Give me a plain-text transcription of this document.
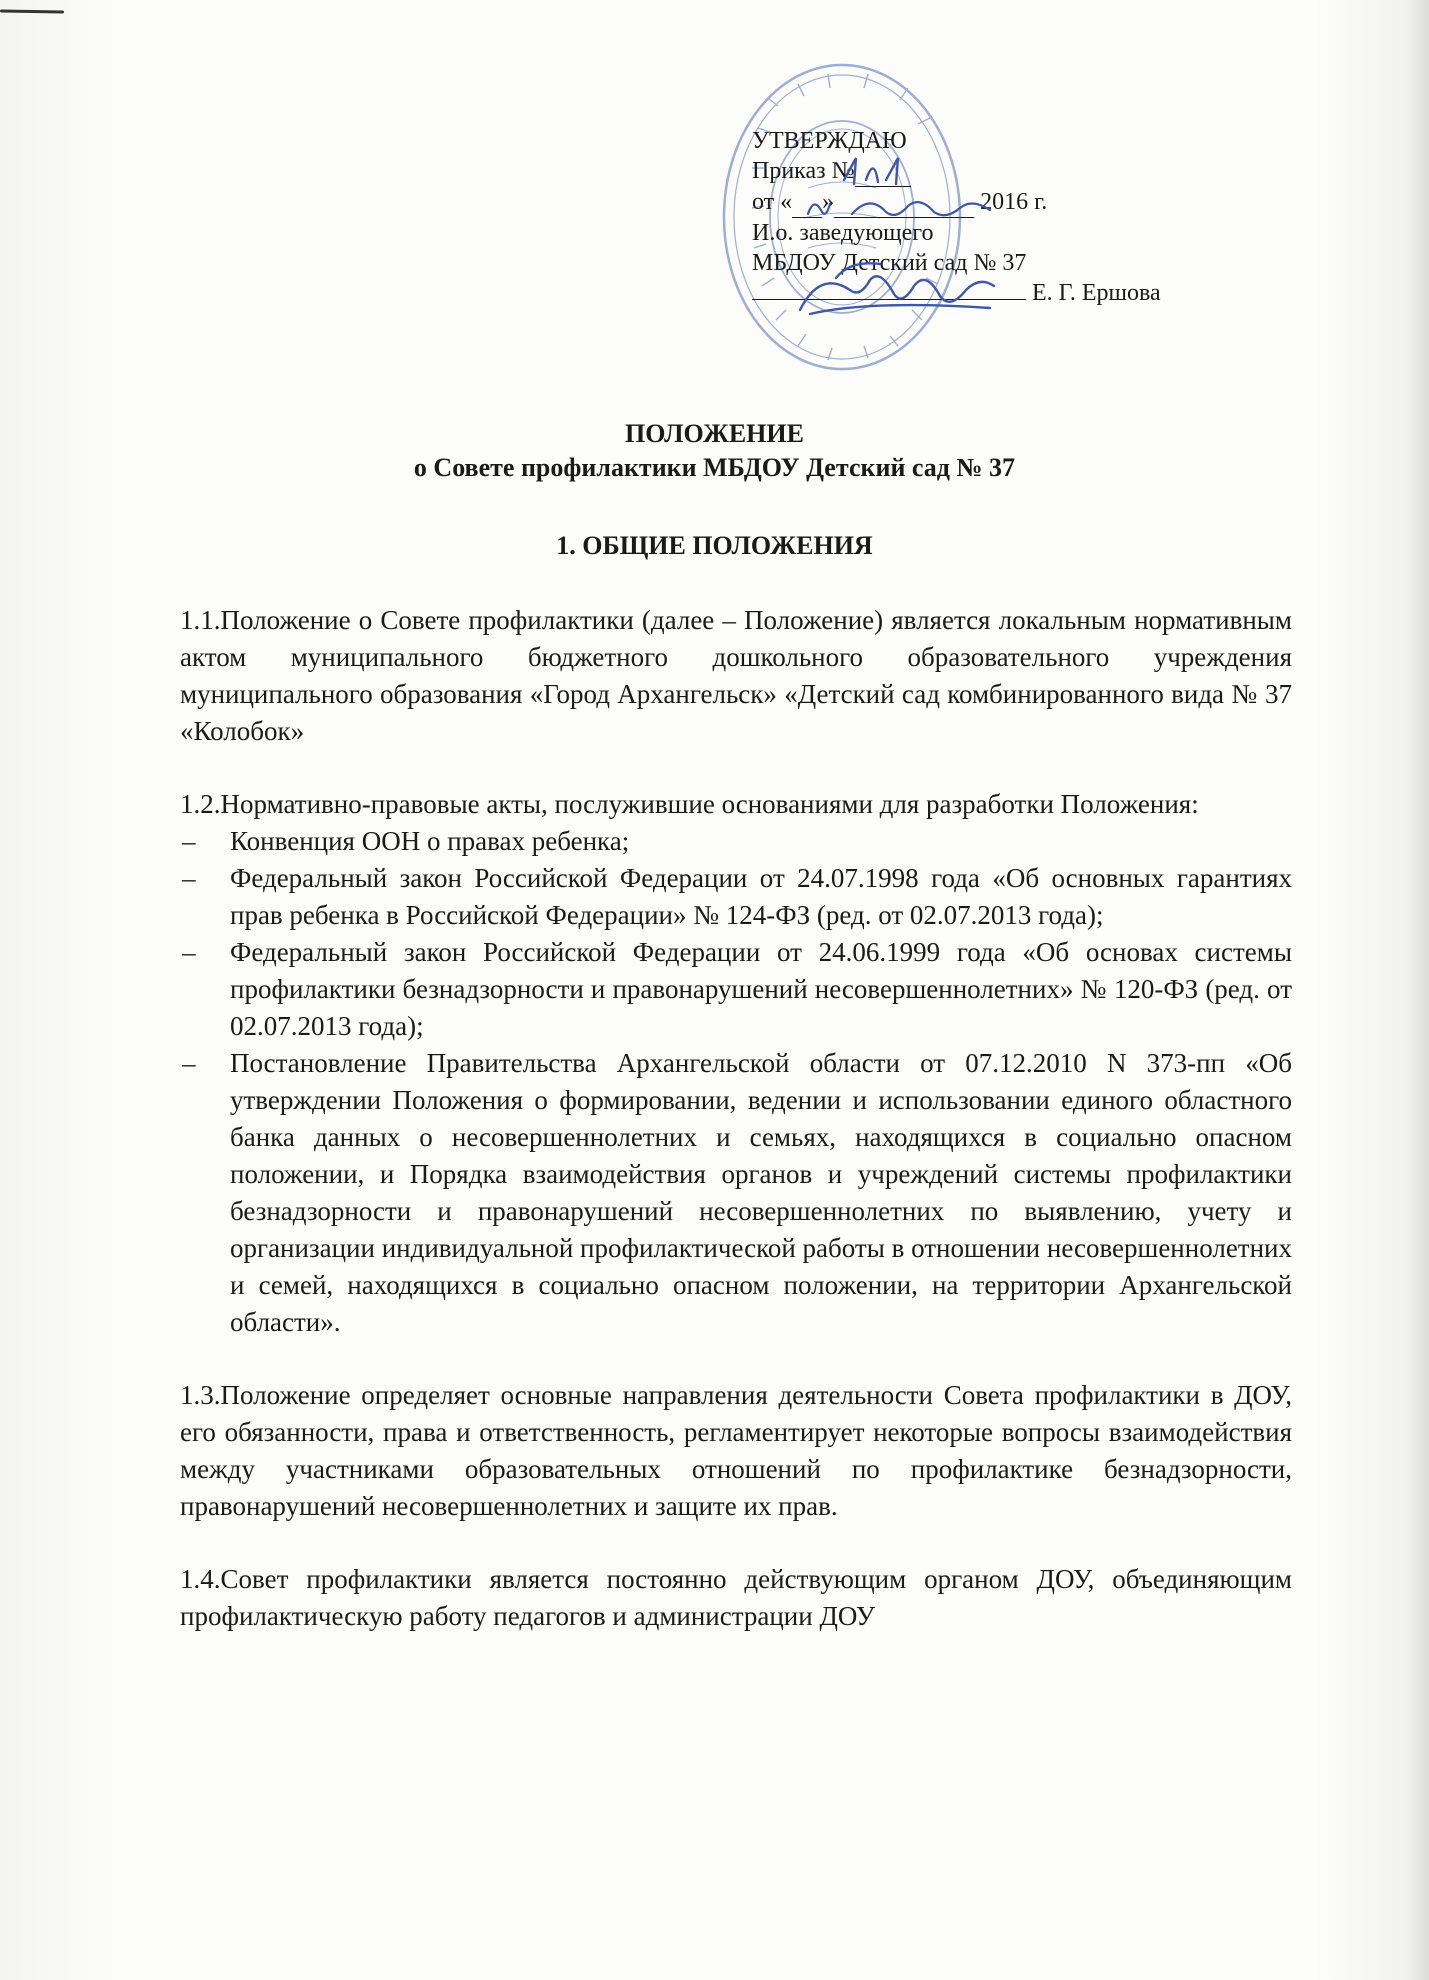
УТВЕРЖДАЮ
Приказ №
от « »	2016 г.
И.о. заведующего
МБДОУ Детский сад № 37
Е. Г. Ершова
ПОЛОЖЕНИЕ
о Совете профилактики МБДОУ Детский сад № 37
1. ОБЩИЕ ПОЛОЖЕНИЯ

1.1.Положение о Совете профилактики (далее – Положение) является локальным нормативным актом муниципального бюджетного дошкольного образовательного учреждения муниципального образования «Город Архангельск» «Детский сад комбинированного вида № 37 «Колобок»

1.2.Нормативно-правовые акты, послужившие основаниями для разработки Положения:

– Конвенция ООН о правах ребенка;
– Федеральный закон Российской Федерации от 24.07.1998 года «Об основных гарантиях прав ребенка в Российской Федерации» № 124-ФЗ (ред. от 02.07.2013 года);
– Федеральный закон Российской Федерации от 24.06.1999 года «Об основах системы профилактики безнадзорности и правонарушений несовершеннолетних» № 120-ФЗ (ред. от 02.07.2013 года);
– Постановление Правительства Архангельской области от 07.12.2010 N 373-пп «Об утверждении Положения о формировании, ведении и использовании единого областного банка данных о несовершеннолетних и семьях, находящихся в социально опасном положении, и Порядка взаимодействия органов и учреждений системы профилактики безнадзорности и правонарушений несовершеннолетних по выявлению, учету и организации индивидуальной профилактической работы в отношении несовершеннолетних и семей, находящихся в социально опасном положении, на территории Архангельской области».

1.3.Положение определяет основные направления деятельности Совета профилактики в ДОУ, его обязанности, права и ответственность, регламентирует некоторые вопросы взаимодействия между участниками образовательных отношений по профилактике безнадзорности, правонарушений несовершеннолетних и защите их прав.

1.4.Совет профилактики является постоянно действующим органом ДОУ, объединяющим профилактическую работу педагогов и администрации ДОУ
